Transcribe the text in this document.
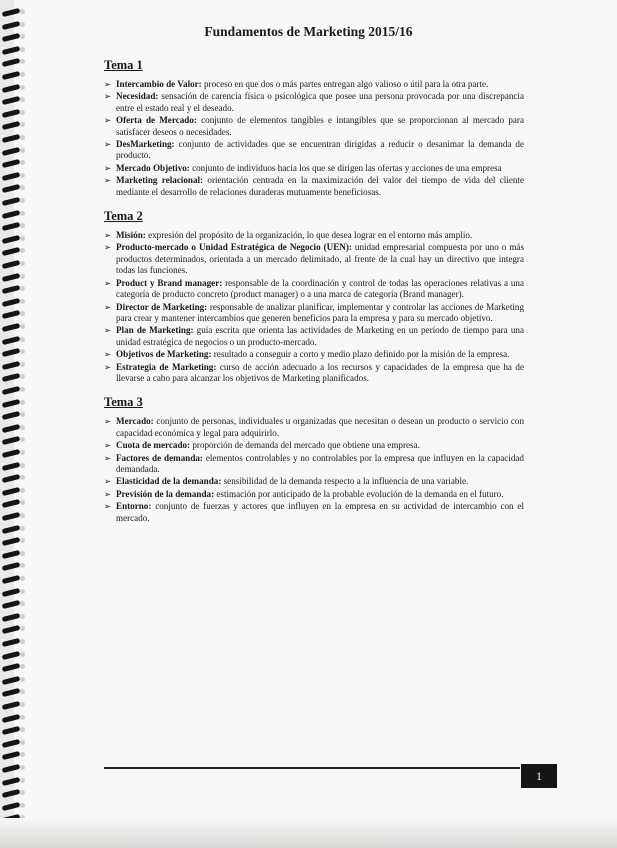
Fundamentos de Marketing 2015/16
Tema 1
➢ Intercambio de Valor: proceso en que dos o más partes entregan algo valioso o útil para la otra parte.
➢ Necesidad: sensación de carencia física o psicológica que posee una persona provocada por una discrepancia entre el estado real y el deseado.
➢ Oferta de Mercado: conjunto de elementos tangibles e intangibles que se proporcionan al mercado para satisfacer deseos o necesidades.
➢ DesMarketing: conjunto de actividades que se encuentran dirigidas a reducir o desanimar la demanda de producto.
➢ Mercado Objetivo: conjunto de individuos hacia los que se dirigen las ofertas y acciones de una empresa
➢ Marketing relacional: orientación centrada en la maximización del valor del tiempo de vida del cliente mediante el desarrollo de relaciones duraderas mutuamente beneficiosas.
Tema 2
➢ Misión: expresión del propósito de la organización, lo que desea lograr en el entorno más amplio.
➢ Producto-mercado o Unidad Estratégica de Negocio (UEN): unidad empresarial compuesta por uno o más productos determinados, orientada a un mercado delimitado, al frente de la cual hay un directivo que integra todas las funciones.
➢ Product y Brand manager: responsable de la coordinación y control de todas las operaciones relativas a una categoría de producto concreto (product manager) o a una marca de categoría (Brand manager).
➢ Director de Marketing: responsable de analizar planificar, implementar y controlar las acciones de Marketing para crear y mantener intercambios que generen beneficios para la empresa y para su mercado objetivo.
➢ Plan de Marketing: guía escrita que orienta las actividades de Marketing en un período de tiempo para una unidad estratégica de negocios o un producto-mercado.
➢ Objetivos de Marketing: resultado a conseguir a corto y medio plazo definido por la misión de la empresa.
➢ Estrategia de Marketing: curso de acción adecuado a los recursos y capacidades de la empresa que ha de llevarse a cabo para alcanzar los objetivos de Marketing planificados.
Tema 3
➢ Mercado: conjunto de personas, individuales u organizadas que necesitan o desean un producto o servicio con capacidad económica y legal para adquirirlo.
➢ Cuota de mercado: proporción de demanda del mercado que obtiene una empresa.
➢ Factores de demanda: elementos controlables y no controlables por la empresa que influyen en la capacidad demandada.
➢ Elasticidad de la demanda: sensibilidad de la demanda respecto a la influencia de una variable.
➢ Previsión de la demanda: estimación por anticipado de la probable evolución de la demanda en el futuro.
➢ Entorno: conjunto de fuerzas y actores que influyen en la empresa en su actividad de intercambio con el mercado.
1
